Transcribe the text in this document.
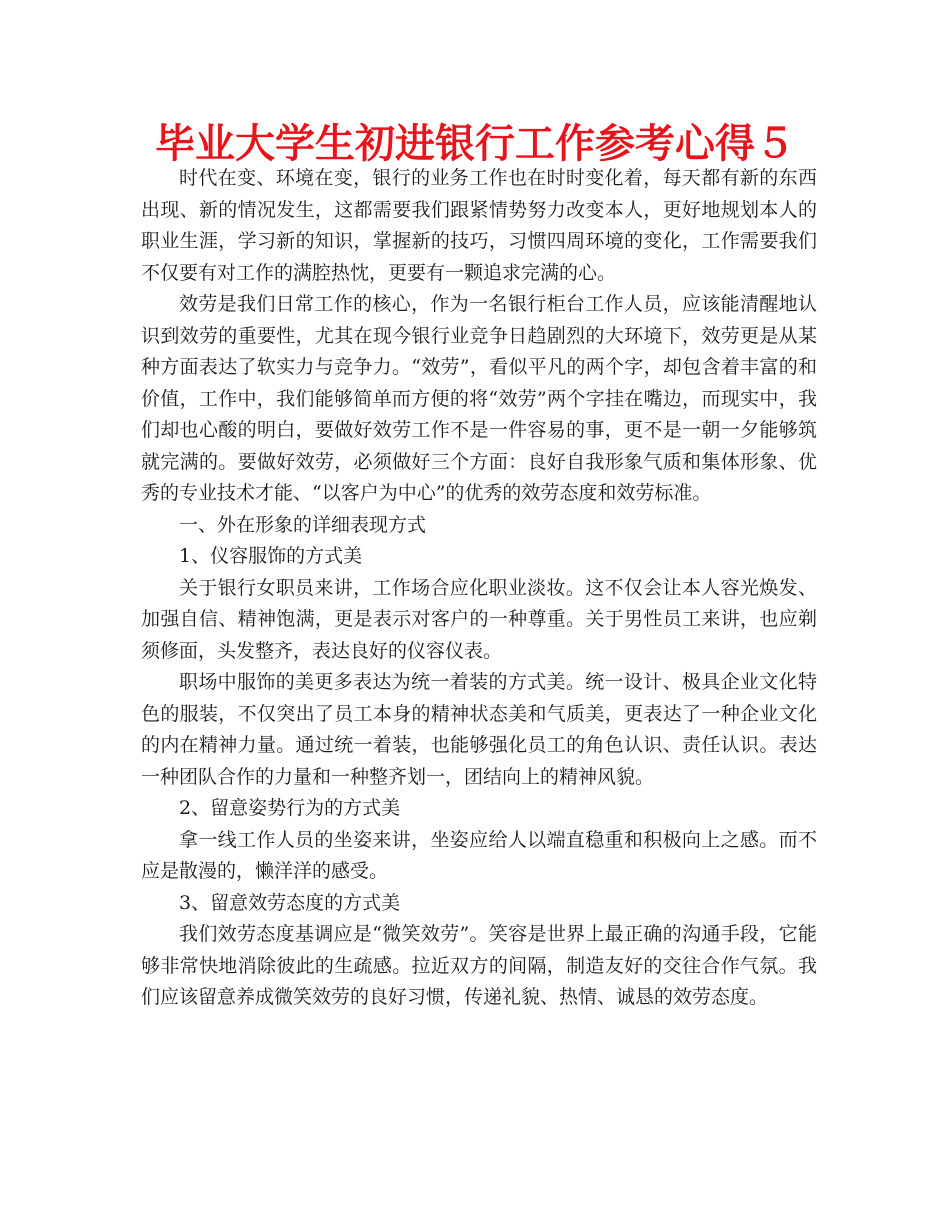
毕业大学生初进银行工作参考心得５

时代在变、环境在变，银行的业务工作也在时时变化着，每天都有新的东西出现、新的情况发生，这都需要我们跟紧情势努力改变本人，更好地规划本人的职业生涯，学习新的知识，掌握新的技巧，习惯四周环境的变化，工作需要我们不仅要有对工作的满腔热忱，更要有一颗追求完满的心。

效劳是我们日常工作的核心，作为一名银行柜台工作人员，应该能清醒地认识到效劳的重要性，尤其在现今银行业竞争日趋剧烈的大环境下，效劳更是从某种方面表达了软实力与竞争力。“效劳”，看似平凡的两个字，却包含着丰富的和价值，工作中，我们能够简单而方便的将“效劳”两个字挂在嘴边，而现实中，我们却也心酸的明白，要做好效劳工作不是一件容易的事，更不是一朝一夕能够筑就完满的。要做好效劳，必须做好三个方面：良好自我形象气质和集体形象、优秀的专业技术才能、“以客户为中心”的优秀的效劳态度和效劳标准。

一、外在形象的详细表现方式

1、仪容服饰的方式美

关于银行女职员来讲，工作场合应化职业淡妆。这不仅会让本人容光焕发、加强自信、精神饱满，更是表示对客户的一种尊重。关于男性员工来讲，也应剃须修面，头发整齐，表达良好的仪容仪表。

职场中服饰的美更多表达为统一着装的方式美。统一设计、极具企业文化特色的服装，不仅突出了员工本身的精神状态美和气质美，更表达了一种企业文化的内在精神力量。通过统一着装，也能够强化员工的角色认识、责任认识。表达一种团队合作的力量和一种整齐划一，团结向上的精神风貌。

2、留意姿势行为的方式美

拿一线工作人员的坐姿来讲，坐姿应给人以端直稳重和积极向上之感。而不应是散漫的，懒洋洋的感受。

3、留意效劳态度的方式美

我们效劳态度基调应是“微笑效劳”。笑容是世界上最正确的沟通手段，它能够非常快地消除彼此的生疏感。拉近双方的间隔，制造友好的交往合作气氛。我们应该留意养成微笑效劳的良好习惯，传递礼貌、热情、诚恳的效劳态度。
